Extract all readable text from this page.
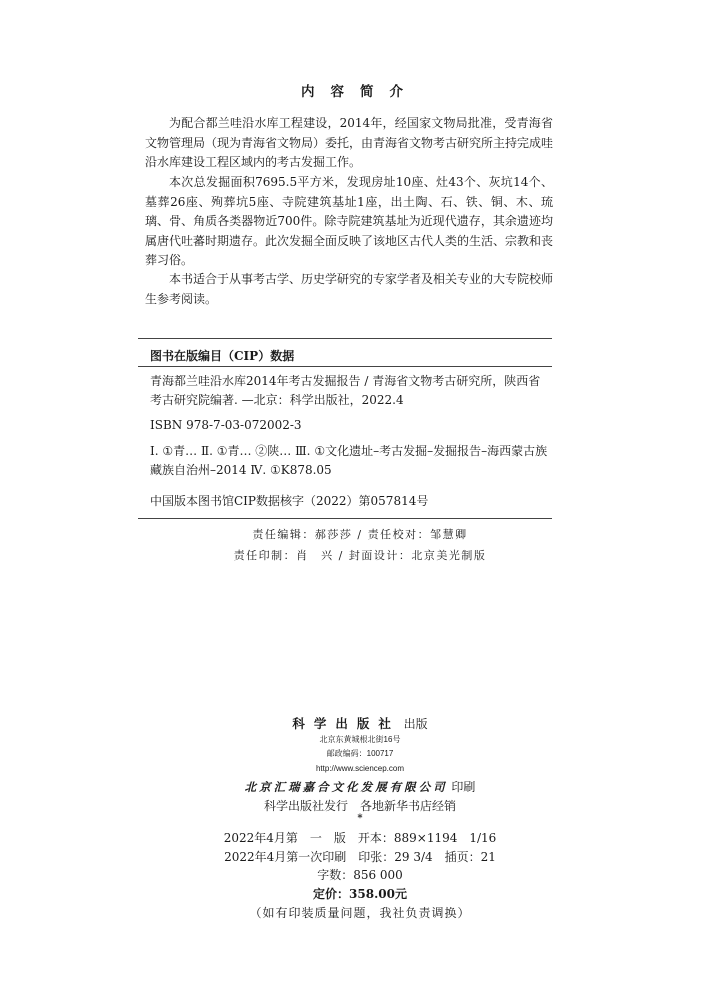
内容简介

为配合都兰哇沿水库工程建设，2014年，经国家文物局批准，受青海省文物管理局（现为青海省文物局）委托，由青海省文物考古研究所主持完成哇沿水库建设工程区域内的考古发掘工作。

本次总发掘面积7695.5平方米，发现房址10座、灶43个、灰坑14个、墓葬26座、殉葬坑5座、寺院建筑基址1座，出土陶、石、铁、铜、木、琉璃、骨、角质各类器物近700件。除寺院建筑基址为近现代遗存，其余遗迹均属唐代吐蕃时期遗存。此次发掘全面反映了该地区古代人类的生活、宗教和丧葬习俗。

本书适合于从事考古学、历史学研究的专家学者及相关专业的大专院校师生参考阅读。

图书在版编目（CIP）数据

青海都兰哇沿水库2014年考古发掘报告 / 青海省文物考古研究所，陕西省考古研究院编著. —北京：科学出版社，2022.4

ISBN 978-7-03-072002-3

Ⅰ. ①青… Ⅱ. ①青… ②陕… Ⅲ. ①文化遗址–考古发掘–发掘报告–海西蒙古族藏族自治州–2014 Ⅳ. ①K878.05

中国版本图书馆CIP数据核字（2022）第057814号

责任编辑：郝莎莎 / 责任校对：邹慧卿
责任印制：肖　兴 / 封面设计：北京美光制版
科学出版社 出版
北京东黄城根北街16号
邮政编码：100717
http://www.sciencep.com
北京汇瑞嘉合文化发展有限公司 印刷
科学出版社发行　各地新华书店经销
*
2022年4月第　一　版　开本：889×1194　1/16
2022年4月第一次印刷　印张：29 3/4　插页：21
字数：856 000
定价：358.00元
（如有印装质量问题，我社负责调换）
